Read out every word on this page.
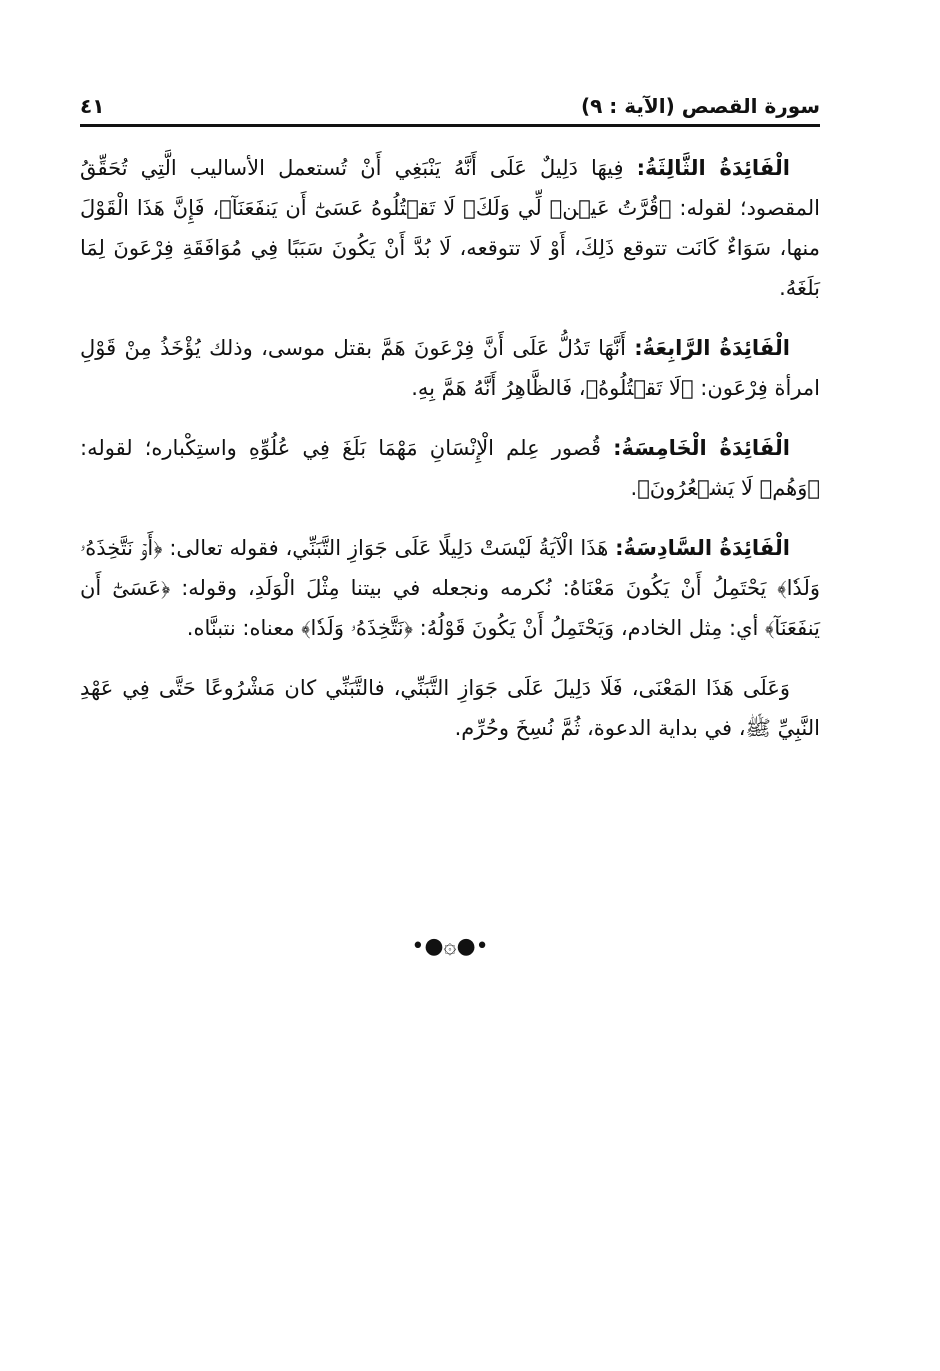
سورة القصص (الآية : ٩)
٤١

الْفَائِدَةُ الثَّالِثَةُ: فِيهَا دَلِيلٌ عَلَى أَنَّهُ يَنْبَغِي أَنْ تُستعمل الأساليب الَّتِي تُحَقِّقُ المقصود؛ لقوله: ﴿قُرَّتُ عَيۡنٖ لِّي وَلَكَۖ لَا تَقۡتُلُوهُ عَسَىٰٓ أَن يَنفَعَنَآ﴾، فَإِنَّ هَذَا الْقَوْلَ منها، سَوَاءٌ كَانَت تتوقع ذَلِكَ، أَوْ لَا تتوقعه، لَا بُدَّ أَنْ يَكُونَ سَبَبًا فِي مُوَافَقَةِ فِرْعَونَ لِمَا بَلَغَهُ.

الْفَائِدَةُ الرَّابِعَةُ: أَنَّهَا تَدُلُّ عَلَى أَنَّ فِرْعَونَ هَمَّ بقتل موسى، وذلك يُؤْخَذُ مِنْ قَوْلِ امرأة فِرْعَون: ﴿لَا تَقۡتُلُوهُ﴾، فَالظَّاهِرُ أَنَّهُ هَمَّ بِهِ.

الْفَائِدَةُ الْخَامِسَةُ: قُصور عِلم الْإِنْسَانِ مَهْمَا بَلَغَ فِي عُلُوِّهِ واستِكْباره؛ لقوله: ﴿وَهُمۡ لَا يَشۡعُرُونَ﴾.

الْفَائِدَةُ السَّادِسَةُ: هَذَا الْآيَةُ لَيْسَتْ دَلِيلًا عَلَى جَوَازِ التَّبَنِّي، فقوله تعالى: ﴿أَوۡ نَتَّخِذَهُۥ وَلَدٗا﴾ يَحْتَمِلُ أَنْ يَكُونَ مَعْنَاهُ: نُكرمه ونجعله في بيتنا مِثْلَ الْوَلَدِ، وقوله: ﴿عَسَىٰٓ أَن يَنفَعَنَآ﴾ أي: مِثل الخادم، وَيَحْتَمِلُ أَنْ يَكُونَ قَوْلُهُ: ﴿نَتَّخِذَهُۥ وَلَدٗا﴾ معناه: نتبنَّاه.

وَعَلَى هَذَا المَعْنَى، فَلَا دَلِيلَ عَلَى جَوَازِ التَّبَنِّي، فالتَّبَنِّي كان مَشْرُوعًا حَتَّى فِي عَهْدِ النَّبِيِّ ﷺ، في بداية الدعوة، ثُمَّ نُسِخَ وحُرِّم.

•●۞●•
